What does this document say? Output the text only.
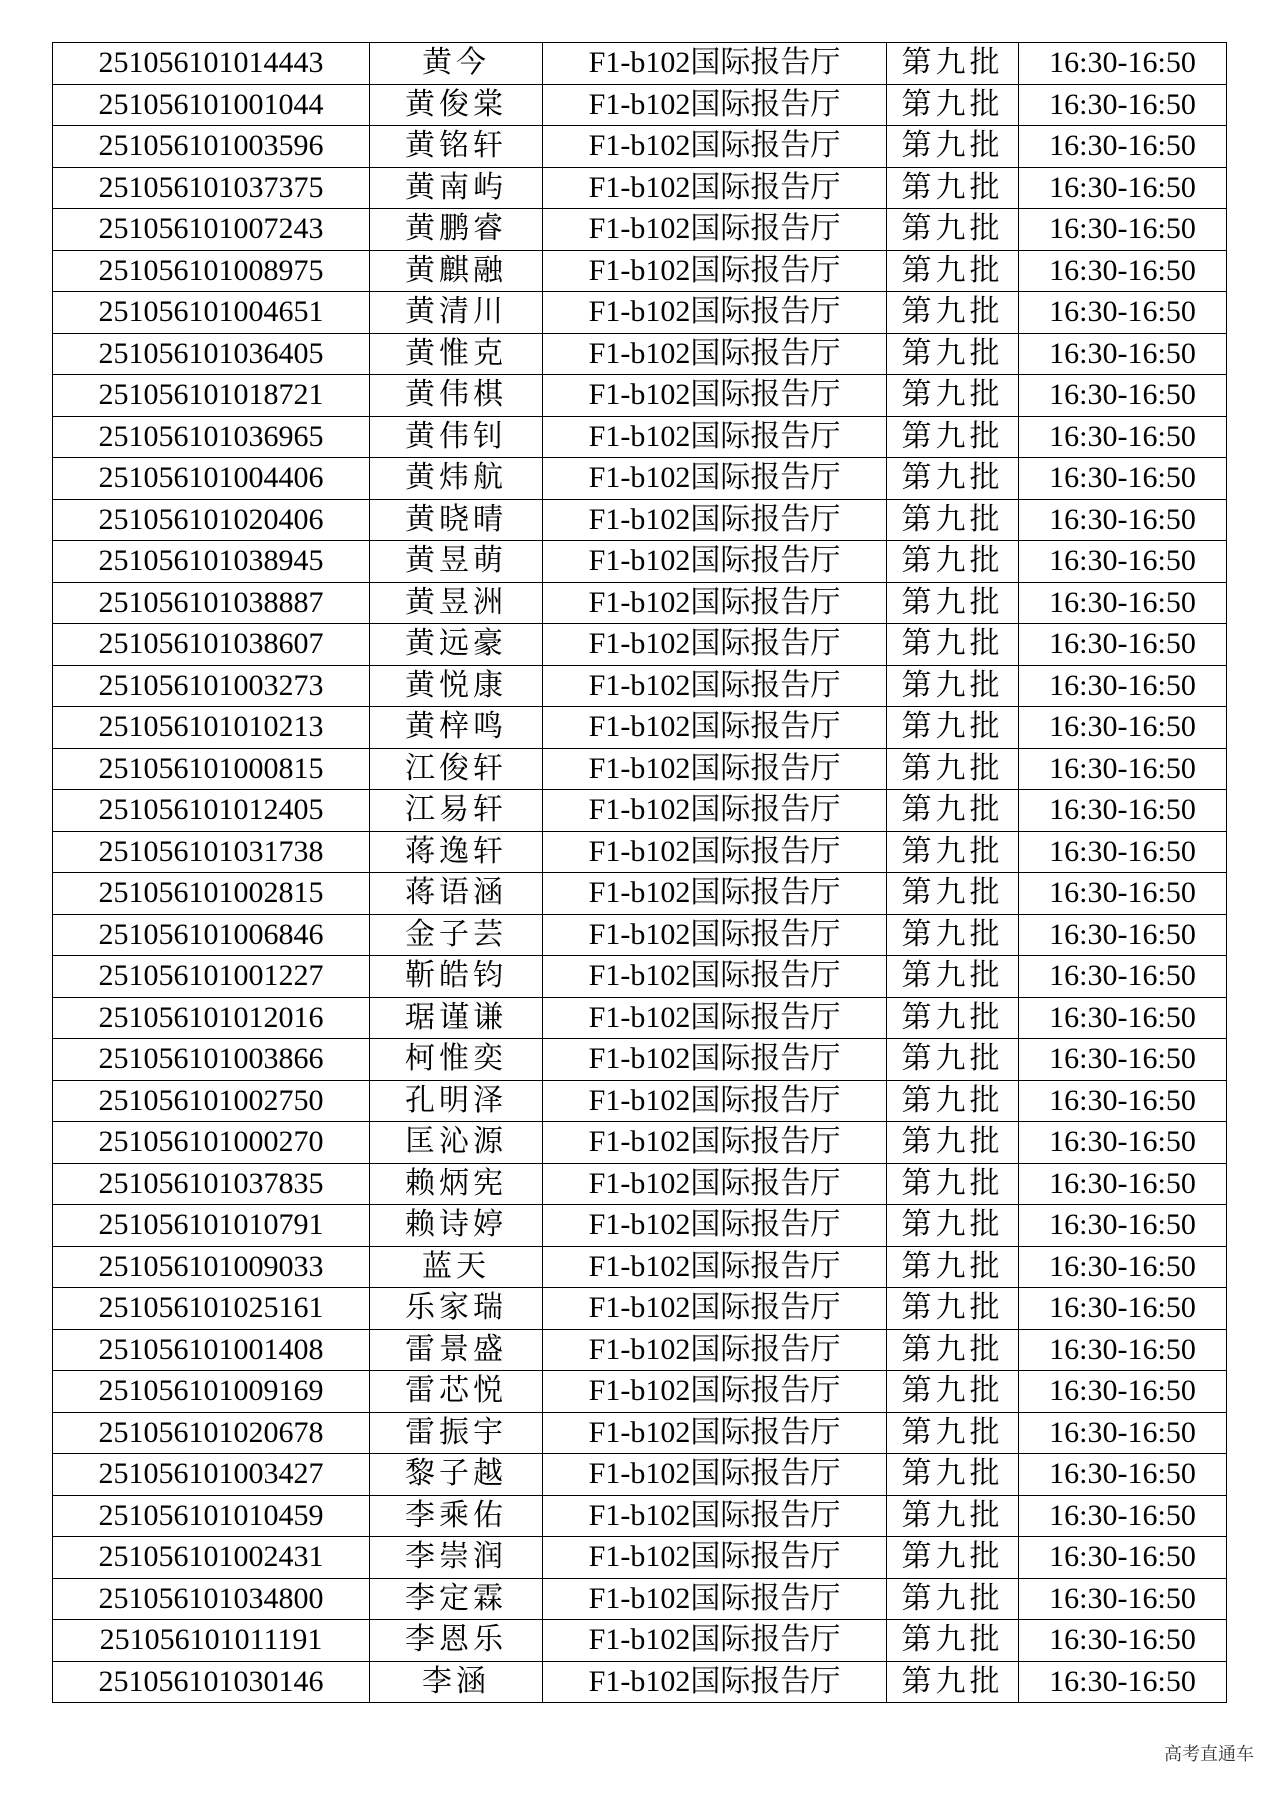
251056101014443	黄今	F1-b102国际报告厅	第九批	16:30-16:50
251056101001044	黄俊棠	F1-b102国际报告厅	第九批	16:30-16:50
251056101003596	黄铭轩	F1-b102国际报告厅	第九批	16:30-16:50
251056101037375	黄南屿	F1-b102国际报告厅	第九批	16:30-16:50
251056101007243	黄鹏睿	F1-b102国际报告厅	第九批	16:30-16:50
251056101008975	黄麒融	F1-b102国际报告厅	第九批	16:30-16:50
251056101004651	黄清川	F1-b102国际报告厅	第九批	16:30-16:50
251056101036405	黄惟克	F1-b102国际报告厅	第九批	16:30-16:50
251056101018721	黄伟棋	F1-b102国际报告厅	第九批	16:30-16:50
251056101036965	黄伟钊	F1-b102国际报告厅	第九批	16:30-16:50
251056101004406	黄炜航	F1-b102国际报告厅	第九批	16:30-16:50
251056101020406	黄晓晴	F1-b102国际报告厅	第九批	16:30-16:50
251056101038945	黄昱萌	F1-b102国际报告厅	第九批	16:30-16:50
251056101038887	黄昱洲	F1-b102国际报告厅	第九批	16:30-16:50
251056101038607	黄远豪	F1-b102国际报告厅	第九批	16:30-16:50
251056101003273	黄悦康	F1-b102国际报告厅	第九批	16:30-16:50
251056101010213	黄梓鸣	F1-b102国际报告厅	第九批	16:30-16:50
251056101000815	江俊轩	F1-b102国际报告厅	第九批	16:30-16:50
251056101012405	江易轩	F1-b102国际报告厅	第九批	16:30-16:50
251056101031738	蒋逸轩	F1-b102国际报告厅	第九批	16:30-16:50
251056101002815	蒋语涵	F1-b102国际报告厅	第九批	16:30-16:50
251056101006846	金子芸	F1-b102国际报告厅	第九批	16:30-16:50
251056101001227	靳皓钧	F1-b102国际报告厅	第九批	16:30-16:50
251056101012016	琚谨谦	F1-b102国际报告厅	第九批	16:30-16:50
251056101003866	柯惟奕	F1-b102国际报告厅	第九批	16:30-16:50
251056101002750	孔明泽	F1-b102国际报告厅	第九批	16:30-16:50
251056101000270	匡沁源	F1-b102国际报告厅	第九批	16:30-16:50
251056101037835	赖炳宪	F1-b102国际报告厅	第九批	16:30-16:50
251056101010791	赖诗婷	F1-b102国际报告厅	第九批	16:30-16:50
251056101009033	蓝天	F1-b102国际报告厅	第九批	16:30-16:50
251056101025161	乐家瑞	F1-b102国际报告厅	第九批	16:30-16:50
251056101001408	雷景盛	F1-b102国际报告厅	第九批	16:30-16:50
251056101009169	雷芯悦	F1-b102国际报告厅	第九批	16:30-16:50
251056101020678	雷振宇	F1-b102国际报告厅	第九批	16:30-16:50
251056101003427	黎子越	F1-b102国际报告厅	第九批	16:30-16:50
251056101010459	李乘佑	F1-b102国际报告厅	第九批	16:30-16:50
251056101002431	李崇润	F1-b102国际报告厅	第九批	16:30-16:50
251056101034800	李定霖	F1-b102国际报告厅	第九批	16:30-16:50
251056101011191	李恩乐	F1-b102国际报告厅	第九批	16:30-16:50
251056101030146	李涵	F1-b102国际报告厅	第九批	16:30-16:50
高考直通车
